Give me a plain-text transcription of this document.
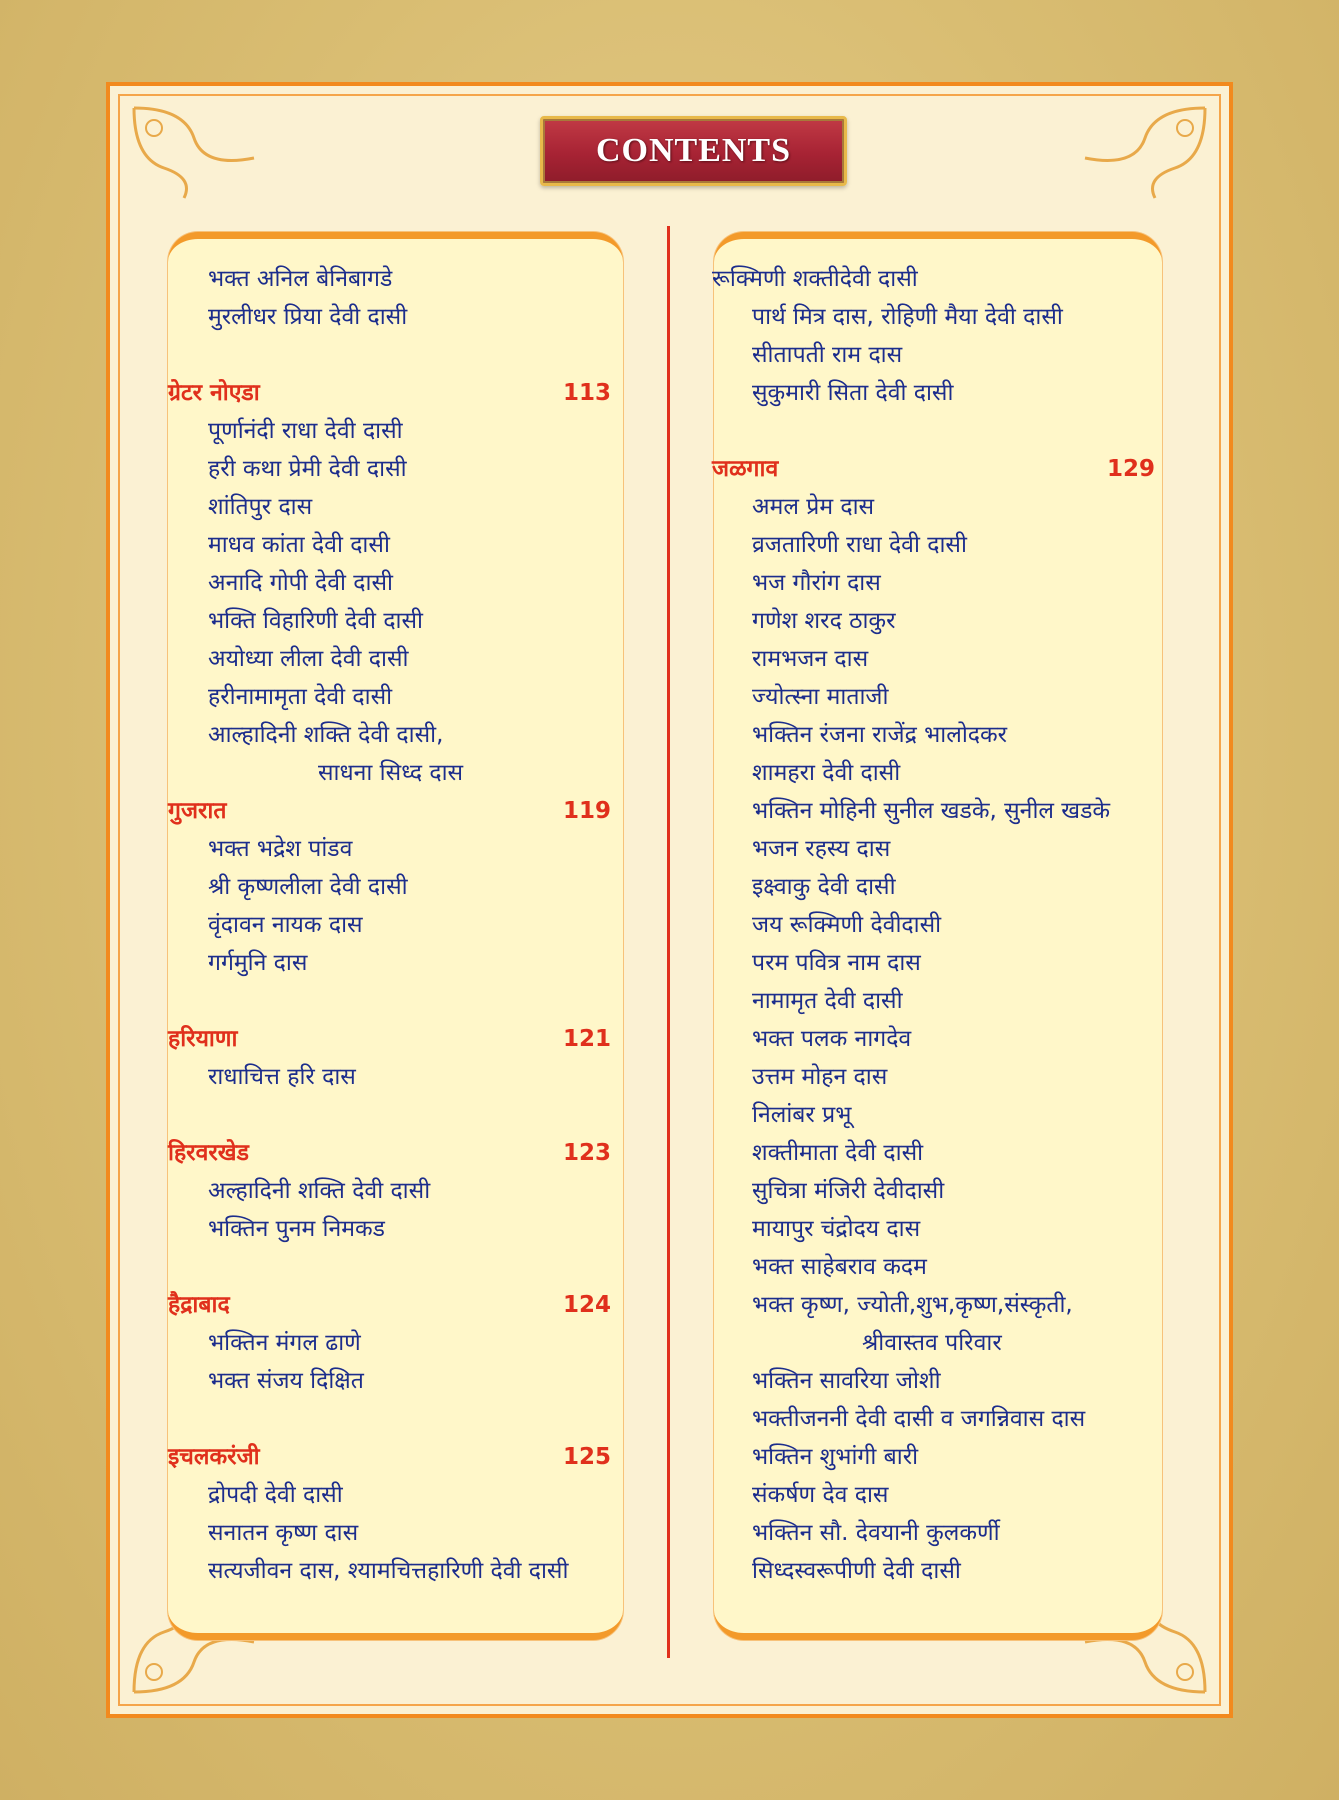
CONTENTS
भक्त अनिल बेनिबागडे
मुरलीधर प्रिया देवी दासी
ग्रेटर नोएडा	113
पूर्णानंदी राधा देवी दासी
हरी कथा प्रेमी देवी दासी
शांतिपुर दास
माधव कांता देवी दासी
अनादि गोपी देवी दासी
भक्ति विहारिणी देवी दासी
अयोध्या लीला देवी दासी
हरीनामामृता देवी दासी
आल्हादिनी शक्ति देवी दासी,
साधना सिध्द दास
गुजरात	119
भक्त भद्रेश पांडव
श्री कृष्णलीला देवी दासी
वृंदावन नायक दास
गर्गमुनि दास
हरियाणा	121
राधाचित्त हरि दास
हिरवरखेड	123
अल्हादिनी शक्ति देवी दासी
भक्तिन पुनम निमकड
हैद्राबाद	124
भक्तिन मंगल ढाणे
भक्त संजय दिक्षित
इचलकरंजी	125
द्रोपदी देवी दासी
सनातन कृष्ण दास
सत्यजीवन दास, श्यामचित्तहारिणी देवी दासी
रूक्मिणी शक्तीदेवी दासी
पार्थ मित्र दास, रोहिणी मैया देवी दासी
सीतापती राम दास
सुकुमारी सिता देवी दासी
जळगाव	129
अमल प्रेम दास
व्रजतारिणी राधा देवी दासी
भज गौरांग दास
गणेश शरद ठाकुर
रामभजन दास
ज्योत्स्ना माताजी
भक्तिन रंजना राजेंद्र भालोदकर
शामहरा देवी दासी
भक्तिन मोहिनी सुनील खडके, सुनील खडके
भजन रहस्य दास
इक्ष्वाकु देवी दासी
जय रूक्मिणी देवीदासी
परम पवित्र नाम दास
नामामृत देवी दासी
भक्त पलक नागदेव
उत्तम मोहन दास
निलांबर प्रभू
शक्तीमाता देवी दासी
सुचित्रा मंजिरी देवीदासी
मायापुर चंद्रोदय दास
भक्त साहेबराव कदम
भक्त कृष्ण, ज्योती,शुभ,कृष्ण,संस्कृती,
श्रीवास्तव परिवार
भक्तिन सावरिया जोशी
भक्तीजननी देवी दासी व जगन्निवास दास
भक्तिन शुभांगी बारी
संकर्षण देव दास
भक्तिन सौ. देवयानी कुलकर्णी
सिध्दस्वरूपीणी देवी दासी
